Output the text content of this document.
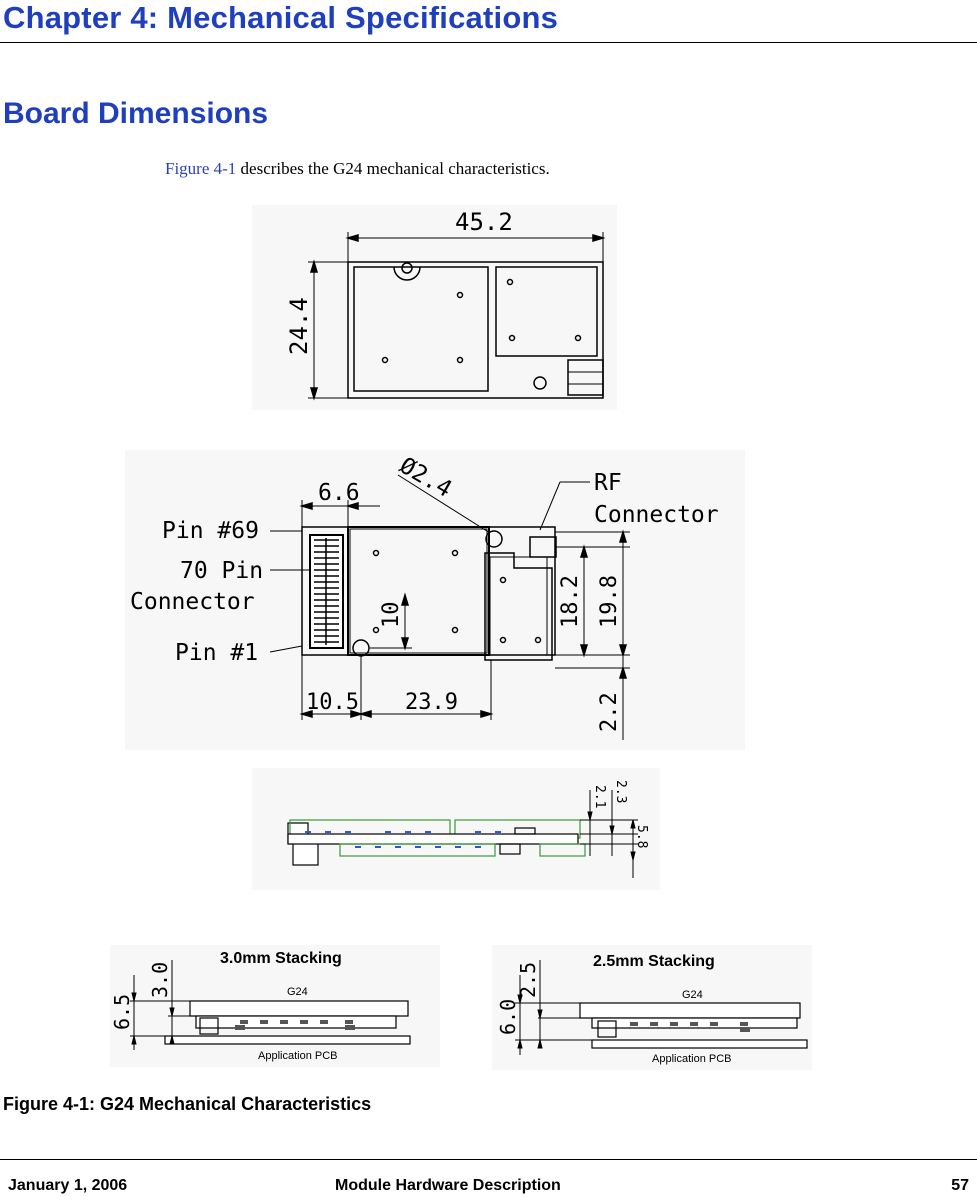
Chapter 4: Mechanical Specifications
Board Dimensions
Figure 4-1 describes the G24 mechanical characteristics.
45.2
24.4
6.6 Ø2.4	RF
Connector
Pin #69
70 Pin
Connector
Pin #1
10	18.2 19.8
2.2
10.5 23.9
2.1 2.3
5.8
3.0mm Stacking
G24
Application PCB
3.0
6.5
2.5mm Stacking
G24
Application PCB
2.5
6.0
Figure 4-1: G24 Mechanical Characteristics
January 1, 2006	Module Hardware Description	57
